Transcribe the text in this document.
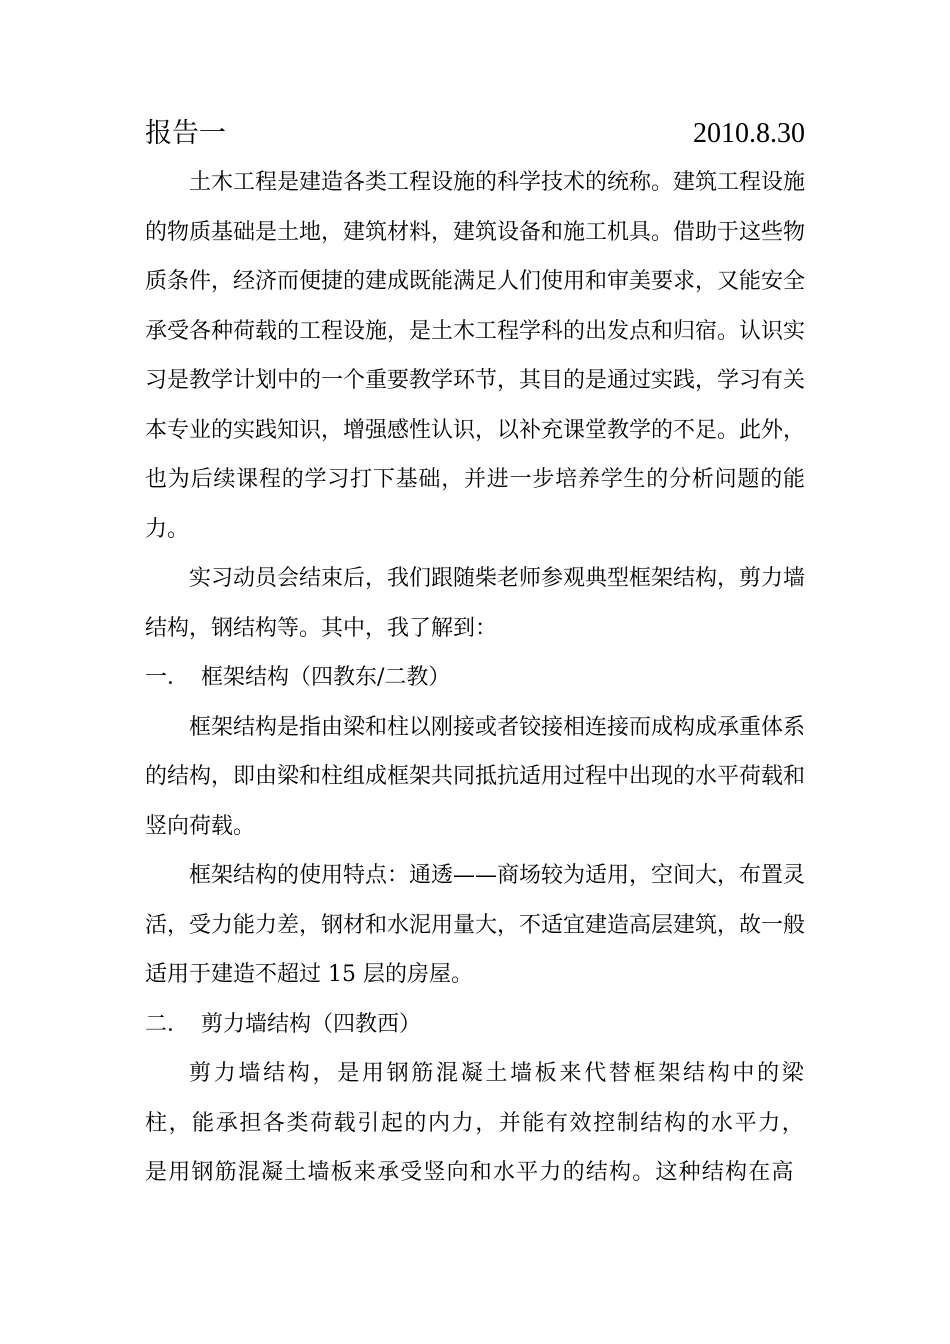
报告一	2010.8.30

土木工程是建造各类工程设施的科学技术的统称。建筑工程设施的物质基础是土地，建筑材料，建筑设备和施工机具。借助于这些物质条件，经济而便捷的建成既能满足人们使用和审美要求，又能安全承受各种荷载的工程设施，是土木工程学科的出发点和归宿。认识实习是教学计划中的一个重要教学环节，其目的是通过实践，学习有关本专业的实践知识，增强感性认识，以补充课堂教学的不足。此外，也为后续课程的学习打下基础，并进一步培养学生的分析问题的能力。

实习动员会结束后，我们跟随柴老师参观典型框架结构，剪力墙结构，钢结构等。其中，我了解到：

一． 框架结构（四教东/二教）

框架结构是指由梁和柱以刚接或者铰接相连接而成构成承重体系的结构，即由梁和柱组成框架共同抵抗适用过程中出现的水平荷载和竖向荷载。

框架结构的使用特点：通透——商场较为适用，空间大，布置灵活，受力能力差，钢材和水泥用量大，不适宜建造高层建筑，故一般适用于建造不超过 15 层的房屋。

二． 剪力墙结构（四教西）

剪力墙结构，是用钢筋混凝土墙板来代替框架结构中的梁柱，能承担各类荷载引起的内力，并能有效控制结构的水平力，是用钢筋混凝土墙板来承受竖向和水平力的结构。这种结构在高
